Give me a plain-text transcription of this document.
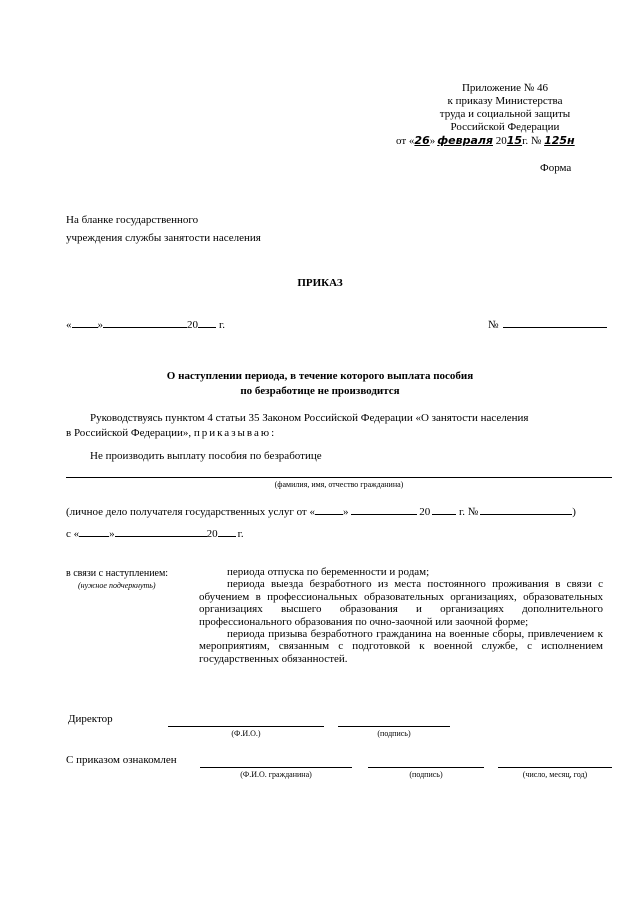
Приложение № 46
к приказу Министерства
труда и социальной защиты
Российской Федерации
от «26» февраля 2015г. № 125н
Форма
На бланке государственного
учреждения службы занятости населения
ПРИКАЗ
« »	20 г.	№
О наступлении периода, в течение которого выплата пособия
по безработице не производится
Руководствуясь пунктом 4 статьи 35 Законом Российской Федерации «О занятости населения
в Российской Федерации», приказываю:
Не производить выплату пособия по безработице
(фамилия, имя, отчество гражданина)
(личное дело получателя государственных услуг от «	»	20	г. №	)
с «	»	20 г.
в связи с наступлением:
(нужное подчеркнуть)
периода отпуска по беременности и родам;
периода выезда безработного из места постоянного проживания в связи с обучением в профессиональных образовательных организациях, образовательных организациях высшего образования и организациях дополнительного профессионального образования по очно-заочной или заочной форме;
периода призыва безработного гражданина на военные сборы, привлечением к мероприятиям, связанным с подготовкой к военной службе, с исполнением государственных обязанностей.
Директор
(Ф.И.О.)	(подпись)
С приказом ознакомлен
(Ф.И.О. гражданина)	(подпись)	(число, месяц, год)
